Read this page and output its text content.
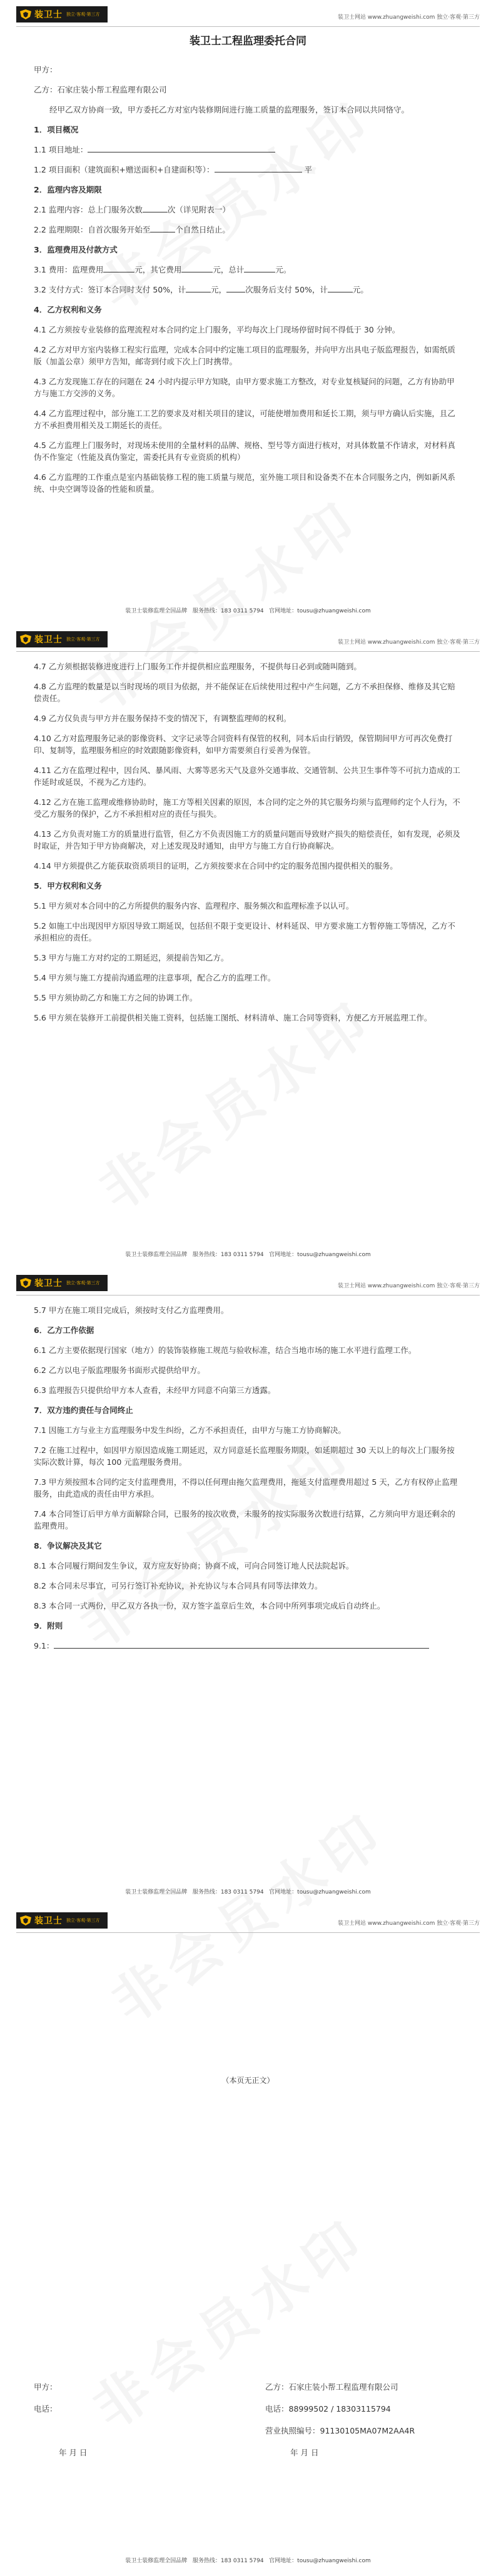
装卫士 独立·客观·第三方	装卫士网站 www.zhuangweishi.com 独立·客观·第三方
装卫士工程监理委托合同

甲方：

乙方：石家庄装小帮工程监理有限公司

经甲乙双方协商一致，甲方委托乙方对室内装修期间进行施工质量的监理服务，签订本合同以共同恪守。

1．项目概况

1.1 项目地址：

1.2 项目面积（建筑面积+赠送面积+自建面积等）：	平

2．监理内容及期限

2.1 监理内容：总上门服务次数	次（详见附表一）

2.2 监理期限：自首次服务开始至	个自然日结止。

3．监理费用及付款方式

3.1 费用：监理费用	元，其它费用	元，总计	元。

3.2 支付方式：签订本合同时支付 50%，计	元， 次服务后支付 50%，计	元。

4．乙方权利和义务

4.1 乙方须按专业装修的监理流程对本合同约定上门服务，平均每次上门现场停留时间不得低于 30 分钟。

4.2 乙方对甲方室内装修工程实行监理，完成本合同中约定施工项目的监理服务，并向甲方出具电子版监理报告，如需纸质版（加盖公章）须甲方告知，邮寄到付或下次上门时携带。

4.3 乙方发现施工存在的问题在 24 小时内提示甲方知晓，由甲方要求施工方整改，对专业复核疑问的问题，乙方有协助甲方与施工方交涉的义务。

4.4 乙方监理过程中，部分施工工艺的要求及对相关项目的建议，可能使增加费用和延长工期，须与甲方确认后实施，且乙方不承担费用相关及工期延长的责任。

4.5 乙方监理上门服务时，对现场未使用的全量材料的品牌、规格、型号等方面进行核对，对具体数量不作请求，对材料真伪不作鉴定（性能及真伪鉴定，需委托具有专业资质的机构）

4.6 乙方监理的工作重点是室内基础装修工程的施工质量与规范，室外施工项目和设备类不在本合同服务之内，例如新风系统、中央空调等设备的性能和质量。

装卫士装修监理全国品牌 服务热线：183 0311 5794 官网地址：tousu@zhuangweishi.com
装卫士 独立·客观·第三方	装卫士网站 www.zhuangweishi.com 独立·客观·第三方

4.7 乙方须根据装修进度进行上门服务工作并提供相应监理服务，不提供每日必到或随叫随到。

4.8 乙方监理的数量是以当时现场的项目为依据，并不能保证在后续使用过程中产生问题，乙方不承担保修、维修及其它赔偿责任。

4.9 乙方仅负责与甲方并在服务保持不变的情况下，有调整监理师的权利。

4.10 乙方对监理服务记录的影像资料、文字记录等合同资料有保管的权利，同本后由行销毁，保管期间甲方可再次免费打印、复制等，监理服务相应的时效跟随影像资料，如甲方需要须自行妥善为保管。

4.11 乙方在监理过程中，因台风、暴风雨、大雾等恶劣天气及意外交通事故、交通管制、公共卫生事件等不可抗力造成的工作延时或延误，不视为乙方违约。

4.12 乙方在施工监理或维修协助时，施工方等相关因素的原因，本合同约定之外的其它服务均须与监理师约定个人行为，不受乙方服务的保护，乙方不承担相对应的责任与损失。

4.13 乙方负责对施工方的质量进行监管，但乙方不负责因施工方的质量问题而导致财产损失的赔偿责任，如有发现，必须及时取证，并告知于甲方协商解决，对上述发现及时通知，由甲方与施工方自行协商解决。

4.14 甲方须提供乙方能获取资质项目的证明，乙方须按要求在合同中约定的服务范围内提供相关的服务。

5．甲方权利和义务

5.1 甲方须对本合同中的乙方所提供的服务内容、监理程序、服务频次和监理标准予以认可。

5.2 如施工中出现因甲方原因导致工期延误，包括但不限于变更设计、材料延误、甲方要求施工方暂停施工等情况，乙方不承担相应的责任。

5.3 甲方与施工方对约定的工期延迟，须提前告知乙方。

5.4 甲方须与施工方提前沟通监理的注意事项，配合乙方的监理工作。

5.5 甲方须协助乙方和施工方之间的协调工作。

5.6 甲方须在装修开工前提供相关施工资料，包括施工图纸、材料清单、施工合同等资料，方便乙方开展监理工作。

装卫士装修监理全国品牌 服务热线：183 0311 5794 官网地址：tousu@zhuangweishi.com
装卫士 独立·客观·第三方	装卫士网站 www.zhuangweishi.com 独立·客观·第三方

5.7 甲方在施工项目完成后，须按时支付乙方监理费用。

6．乙方工作依据

6.1 乙方主要依据现行国家（地方）的装饰装修施工规范与验收标准，结合当地市场的施工水平进行监理工作。

6.2 乙方以电子版监理服务书面形式提供给甲方。

6.3 监理报告只提供给甲方本人查看，未经甲方同意不向第三方透露。

7．双方违约责任与合同终止

7.1 因施工方与业主方监理服务中发生纠纷，乙方不承担责任，由甲方与施工方协商解决。

7.2 在施工过程中，如因甲方原因造成施工期延迟，双方同意延长监理服务期限，如延期超过 30 天以上的每次上门服务按实际次数计算，每次 100 元监理服务费用。

7.3 甲方须按照本合同约定支付监理费用，不得以任何理由拖欠监理费用，拖延支付监理费用超过 5 天，乙方有权停止监理服务，由此造成的责任由甲方承担。

7.4 本合同签订后甲方单方面解除合同，已服务的按次收费，未服务的按实际服务次数进行结算，乙方须向甲方退还剩余的监理费用。

8．争议解决及其它

8.1 本合同履行期间发生争议，双方应友好协商；协商不成，可向合同签订地人民法院起诉。

8.2 本合同未尽事宜，可另行签订补充协议，补充协议与本合同具有同等法律效力。

8.3 本合同一式两份，甲乙双方各执一份，双方签字盖章后生效，本合同中所列事项完成后自动终止。

9．附则

9.1：

装卫士装修监理全国品牌 服务热线：183 0311 5794 官网地址：tousu@zhuangweishi.com
装卫士 独立·客观·第三方	装卫士网站 www.zhuangweishi.com 独立·客观·第三方
（本页无正文）
甲方：	乙方：石家庄装小帮工程监理有限公司
电话：	电话：88999502 / 18303115794
营业执照编号：91130105MA07M2AA4R
年 月 日	年 月 日
装卫士装修监理全国品牌 服务热线：183 0311 5794 官网地址：tousu@zhuangweishi.com
